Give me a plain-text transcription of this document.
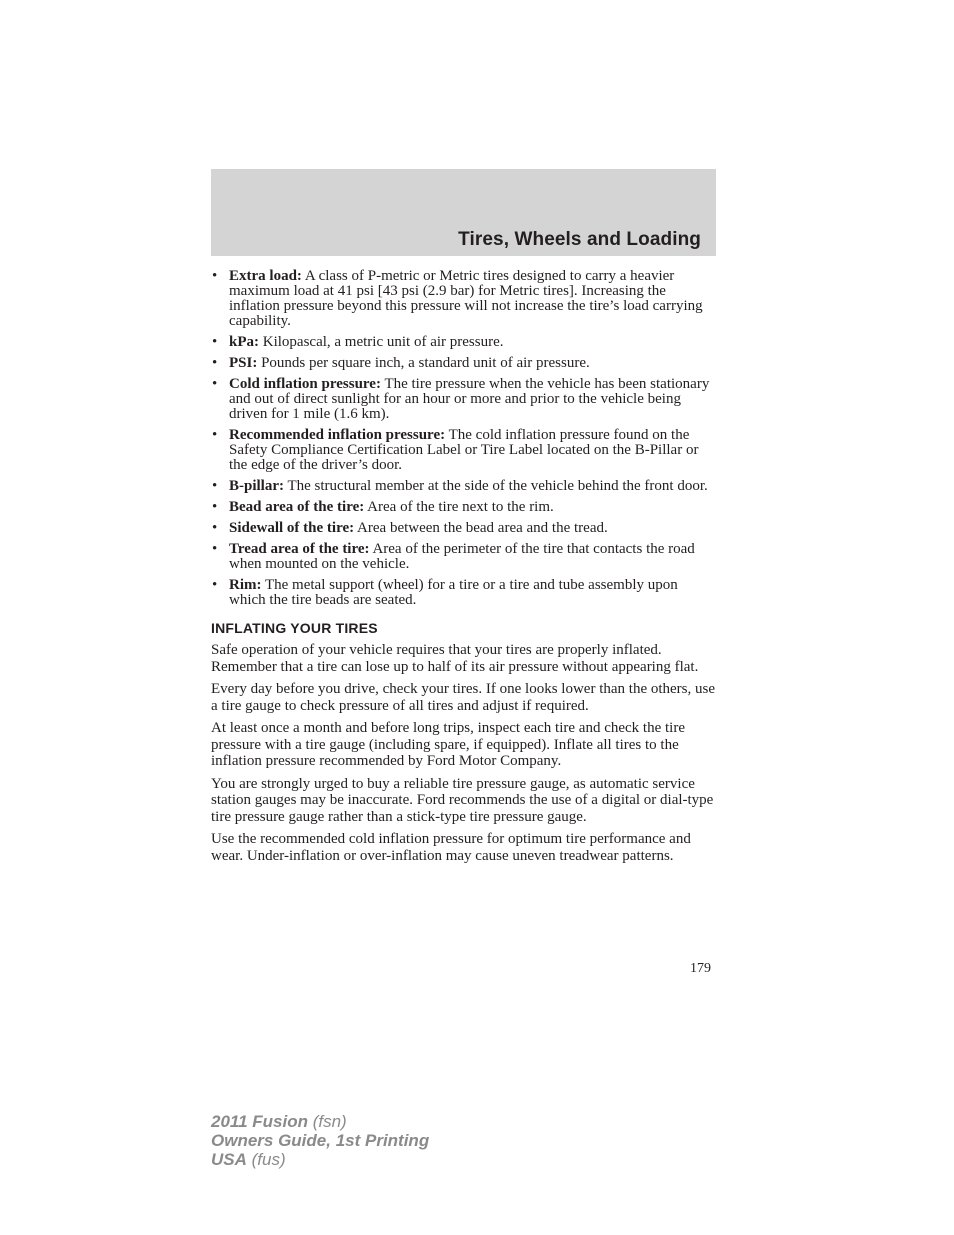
Tires, Wheels and Loading
• Extra load: A class of P-metric or Metric tires designed to carry a heavier maximum load at 41 psi [43 psi (2.9 bar) for Metric tires]. Increasing the inflation pressure beyond this pressure will not increase the tire’s load carrying capability.
• kPa: Kilopascal, a metric unit of air pressure.
• PSI: Pounds per square inch, a standard unit of air pressure.
• Cold inflation pressure: The tire pressure when the vehicle has been stationary and out of direct sunlight for an hour or more and prior to the vehicle being driven for 1 mile (1.6 km).
• Recommended inflation pressure: The cold inflation pressure found on the Safety Compliance Certification Label or Tire Label located on the B-Pillar or the edge of the driver’s door.
• B-pillar: The structural member at the side of the vehicle behind the front door.
• Bead area of the tire: Area of the tire next to the rim.
• Sidewall of the tire: Area between the bead area and the tread.
• Tread area of the tire: Area of the perimeter of the tire that contacts the road when mounted on the vehicle.
• Rim: The metal support (wheel) for a tire or a tire and tube assembly upon which the tire beads are seated.
INFLATING YOUR TIRES

Safe operation of your vehicle requires that your tires are properly inflated. Remember that a tire can lose up to half of its air pressure without appearing flat.

Every day before you drive, check your tires. If one looks lower than the others, use a tire gauge to check pressure of all tires and adjust if required.

At least once a month and before long trips, inspect each tire and check the tire pressure with a tire gauge (including spare, if equipped). Inflate all tires to the inflation pressure recommended by Ford Motor Company.

You are strongly urged to buy a reliable tire pressure gauge, as automatic service station gauges may be inaccurate. Ford recommends the use of a digital or dial-type tire pressure gauge rather than a stick-type tire pressure gauge.

Use the recommended cold inflation pressure for optimum tire performance and wear. Under-inflation or over-inflation may cause uneven treadwear patterns.

179
2011 Fusion (fsn)
Owners Guide, 1st Printing
USA (fus)
